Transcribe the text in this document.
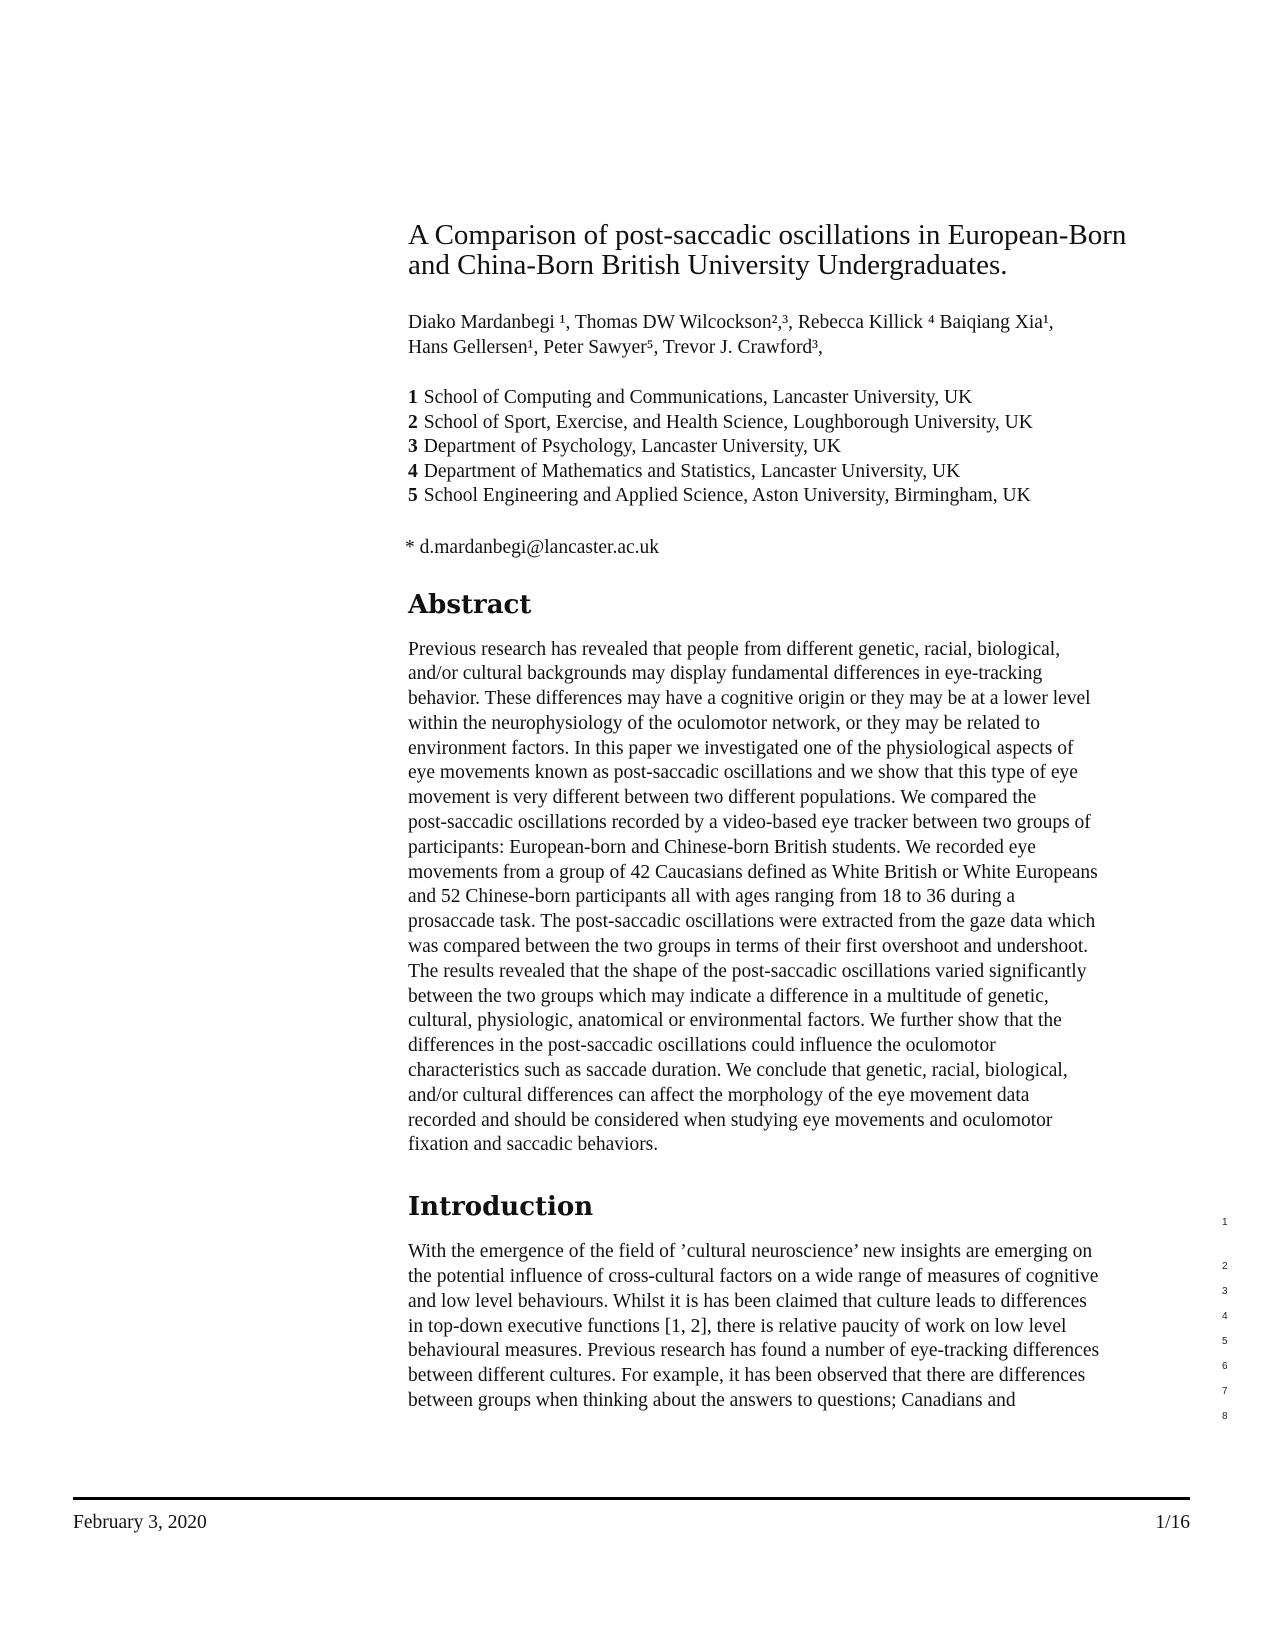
A Comparison of post-saccadic oscillations in European-Born
and China-Born British University Undergraduates.
Diako Mardanbegi ¹, Thomas DW Wilcockson²,³, Rebecca Killick ⁴ Baiqiang Xia¹,
Hans Gellersen¹, Peter Sawyer⁵, Trevor J. Crawford³,
1 School of Computing and Communications, Lancaster University, UK
2 School of Sport, Exercise, and Health Science, Loughborough University, UK
3 Department of Psychology, Lancaster University, UK
4 Department of Mathematics and Statistics, Lancaster University, UK
5 School Engineering and Applied Science, Aston University, Birmingham, UK
* d.mardanbegi@lancaster.ac.uk
Abstract
Previous research has revealed that people from different genetic, racial, biological,
and/or cultural backgrounds may display fundamental differences in eye-tracking
behavior. These differences may have a cognitive origin or they may be at a lower level
within the neurophysiology of the oculomotor network, or they may be related to
environment factors. In this paper we investigated one of the physiological aspects of
eye movements known as post-saccadic oscillations and we show that this type of eye
movement is very different between two different populations. We compared the
post-saccadic oscillations recorded by a video-based eye tracker between two groups of
participants: European-born and Chinese-born British students. We recorded eye
movements from a group of 42 Caucasians defined as White British or White Europeans
and 52 Chinese-born participants all with ages ranging from 18 to 36 during a
prosaccade task. The post-saccadic oscillations were extracted from the gaze data which
was compared between the two groups in terms of their first overshoot and undershoot.
The results revealed that the shape of the post-saccadic oscillations varied significantly
between the two groups which may indicate a difference in a multitude of genetic,
cultural, physiologic, anatomical or environmental factors. We further show that the
differences in the post-saccadic oscillations could influence the oculomotor
characteristics such as saccade duration. We conclude that genetic, racial, biological,
and/or cultural differences can affect the morphology of the eye movement data
recorded and should be considered when studying eye movements and oculomotor
fixation and saccadic behaviors.
Introduction
With the emergence of the field of ’cultural neuroscience’ new insights are emerging on
the potential influence of cross-cultural factors on a wide range of measures of cognitive
and low level behaviours. Whilst it is has been claimed that culture leads to differences
in top-down executive functions [1, 2], there is relative paucity of work on low level
behavioural measures. Previous research has found a number of eye-tracking differences
between different cultures. For example, it has been observed that there are differences
between groups when thinking about the answers to questions; Canadians and
1
2
3
4
5
6
7
8
February 3, 2020	1/16
